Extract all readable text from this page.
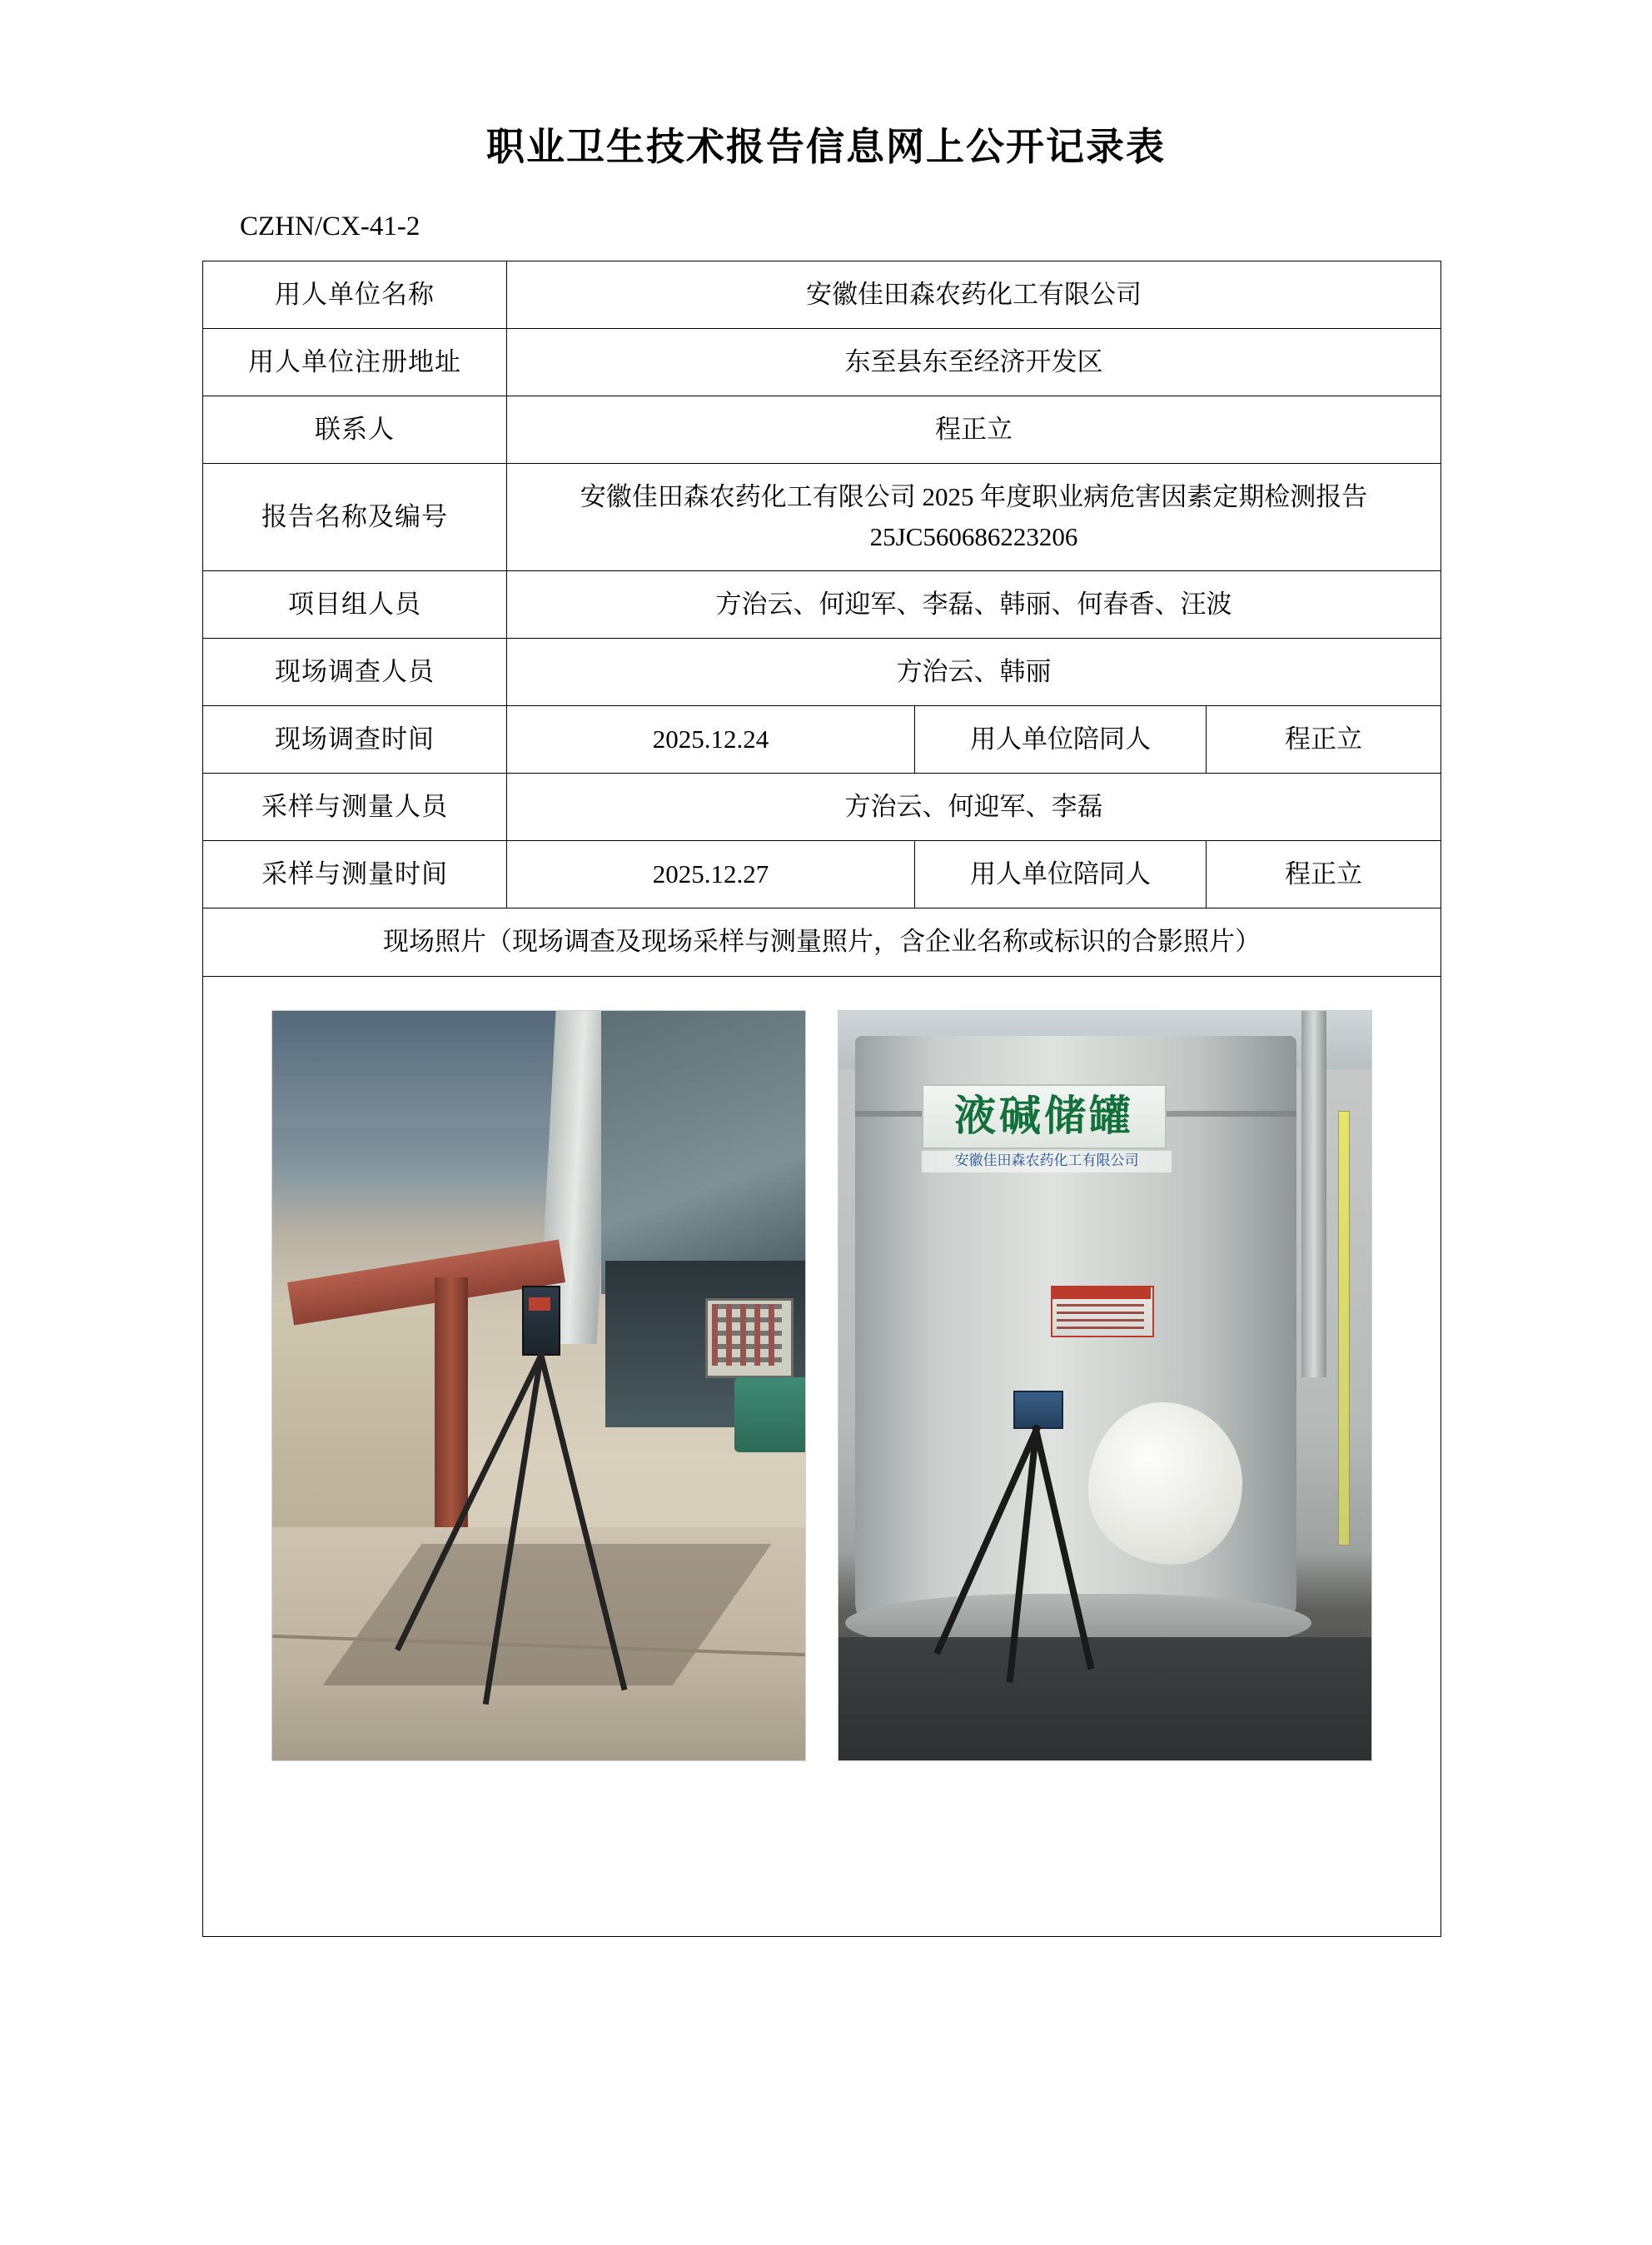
职业卫生技术报告信息网上公开记录表
CZHN/CX-41-2
用人单位名称	安徽佳田森农药化工有限公司		
用人单位注册地址	东至县东至经济开发区		
联系人	程正立		
报告名称及编号	安徽佳田森农药化工有限公司 2025 年度职业病危害因素定期检测报告
25JC560686223206		

项目组人员	方治云、何迎军、李磊、韩丽、何春香、汪波		
现场调查人员	方治云、韩丽		
现场调查时间	2025.12.24	用人单位陪同人	程正立
采样与测量人员	方治云、何迎军、李磊		
采样与测量时间	2025.12.27	用人单位陪同人	程正立
现场照片（现场调查及现场采样与测量照片，含企业名称或标识的合影照片）			

液碱储罐
安徽佳田森农药化工有限公司			
